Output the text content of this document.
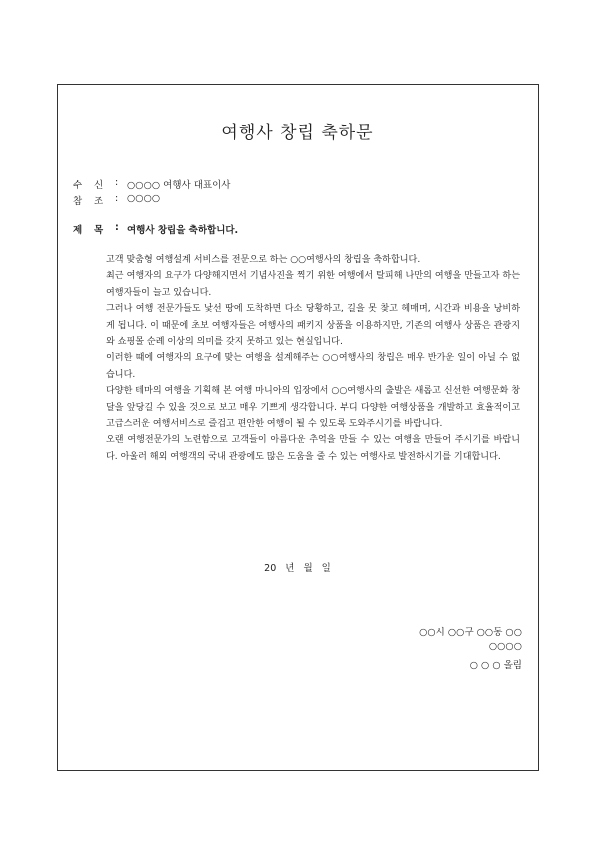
여행사 창립 축하문
수	신	: ○○○○ 여행사 대표이사
참	조	: ○○○○
제	목	: 여행사 창립을 축하합니다.

고객 맞춤형 여행설계 서비스를 전문으로 하는 ○○여행사의 창립을 축하합니다.

최근 여행자의 요구가 다양해지면서 기념사진을 찍기 위한 여행에서 탈피해 나만의 여행을 만들고자 하는 여행자들이 늘고 있습니다.

그러나 여행 전문가들도 낯선 땅에 도착하면 다소 당황하고, 길을 못 찾고 헤매며, 시간과 비용을 낭비하게 됩니다. 이 때문에 초보 여행자들은 여행사의 패키지 상품을 이용하지만, 기존의 여행사 상품은 관광지와 쇼핑몰 순례 이상의 의미를 갖지 못하고 있는 현실입니다.

이러한 때에 여행자의 요구에 맞는 여행을 설계해주는 ○○여행사의 창립은 매우 반가운 일이 아닐 수 없습니다.

다양한 테마의 여행을 기획해 본 여행 마니아의 입장에서 ○○여행사의 출발은 새롭고 신선한 여행문화 창달을 앞당길 수 있을 것으로 보고 매우 기쁘게 생각합니다. 부디 다양한 여행상품을 개발하고 효율적이고 고급스러운 여행서비스로 즐겁고 편안한 여행이 될 수 있도록 도와주시기를 바랍니다.

오랜 여행전문가의 노련함으로 고객들이 아름다운 추억을 만들 수 있는 여행을 만들어 주시기를 바랍니다. 아울러 해외 여행객의 국내 관광에도 많은 도움을 줄 수 있는 여행사로 발전하시기를 기대합니다.

20 년 월 일
○○시 ○○구 ○○동 ○○
○○○○
○ ○ ○ 올림
